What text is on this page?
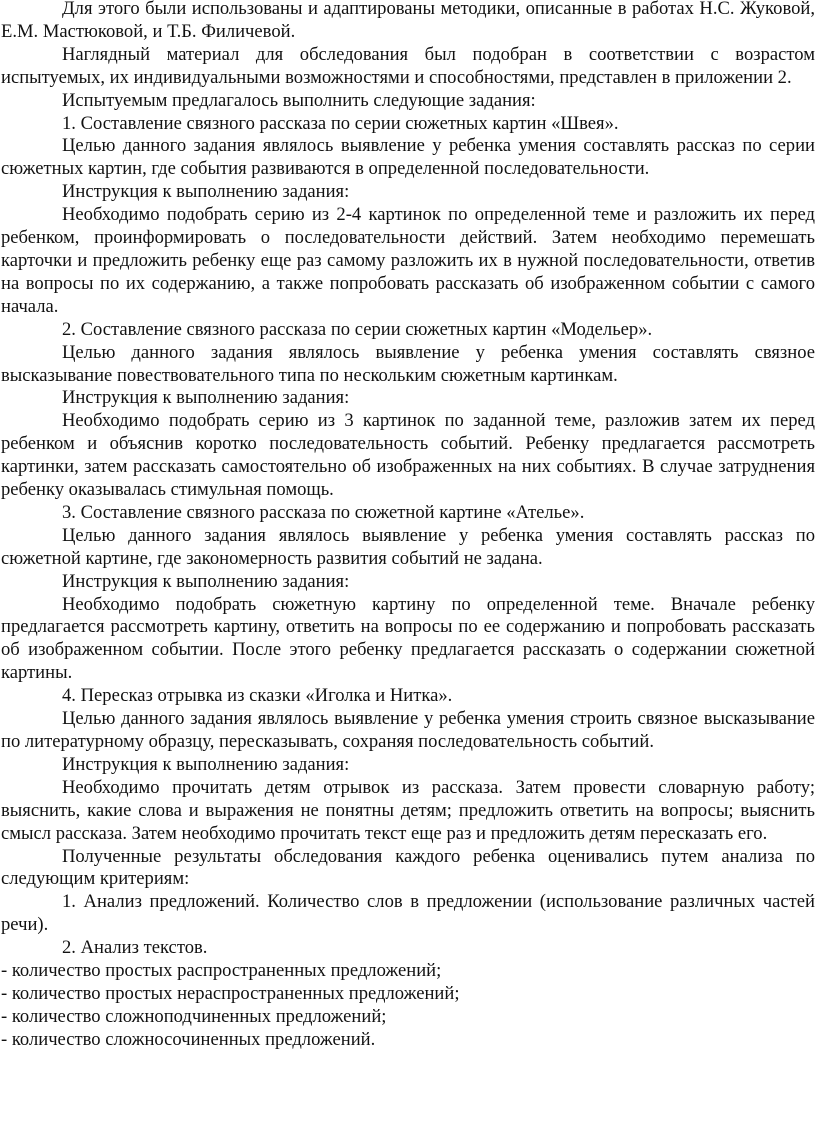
Для этого были использованы и адаптированы методики, описанные в работах Н.С. Жуковой, Е.М. Мастюковой, и Т.Б. Филичевой.

Наглядный материал для обследования был подобран в соответствии с возрастом испытуемых, их индивидуальными возможностями и способностями, представлен в приложении 2.

Испытуемым предлагалось выполнить следующие задания:

1. Составление связного рассказа по серии сюжетных картин «Швея».

Целью данного задания являлось выявление у ребенка умения составлять рассказ по серии сюжетных картин, где события развиваются в определенной последовательности.

Инструкция к выполнению задания:

Необходимо подобрать серию из 2-4 картинок по определенной теме и разложить их перед ребенком, проинформировать о последовательности действий. Затем необходимо перемешать карточки и предложить ребенку еще раз самому разложить их в нужной последовательности, ответив на вопросы по их содержанию, а также попробовать рассказать об изображенном событии с самого начала.

2. Составление связного рассказа по серии сюжетных картин «Модельер».

Целью данного задания являлось выявление у ребенка умения составлять связное высказывание повествовательного типа по нескольким сюжетным картинкам.

Инструкция к выполнению задания:

Необходимо подобрать серию из 3 картинок по заданной теме, разложив затем их перед ребенком и объяснив коротко последовательность событий. Ребенку предлагается рассмотреть картинки, затем рассказать самостоятельно об изображенных на них событиях. В случае затруднения ребенку оказывалась стимульная помощь.

3. Составление связного рассказа по сюжетной картине «Ателье».

Целью данного задания являлось выявление у ребенка умения составлять рассказ по сюжетной картине, где закономерность развития событий не задана.

Инструкция к выполнению задания:

Необходимо подобрать сюжетную картину по определенной теме. Вначале ребенку предлагается рассмотреть картину, ответить на вопросы по ее содержанию и попробовать рассказать об изображенном событии. После этого ребенку предлагается рассказать о содержании сюжетной картины.

4. Пересказ отрывка из сказки «Иголка и Нитка».

Целью данного задания являлось выявление у ребенка умения строить связное высказывание по литературному образцу, пересказывать, сохраняя последовательность событий.

Инструкция к выполнению задания:

Необходимо прочитать детям отрывок из рассказа. Затем провести словарную работу; выяснить, какие слова и выражения не понятны детям; предложить ответить на вопросы; выяснить смысл рассказа. Затем необходимо прочитать текст еще раз и предложить детям пересказать его.

Полученные результаты обследования каждого ребенка оценивались путем анализа по следующим критериям:

1. Анализ предложений. Количество слов в предложении (использование различных частей речи).

2. Анализ текстов.

- количество простых распространенных предложений;

- количество простых нераспространенных предложений;

- количество сложноподчиненных предложений;

- количество сложносочиненных предложений.
